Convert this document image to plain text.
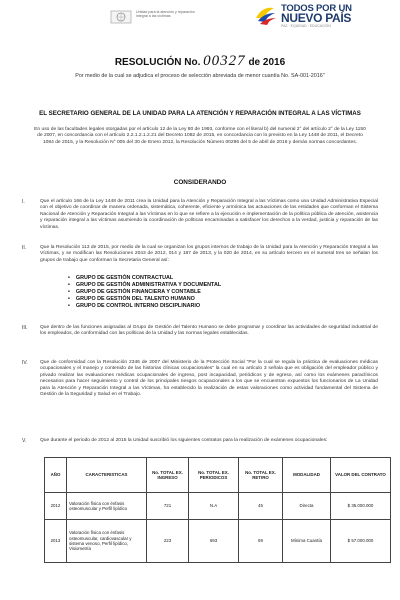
Unidad para la atención y reparación integral a las víctimas
TODOS POR UN
NUEVO PAÍS
PAZ · EQUIDAD · EDUCACIÓN
RESOLUCIÓN No. 00327 de 2016
Por medio de la cual se adjudica el proceso de selección abreviada de menor cuantía No. SA-001-2016"
EL SECRETARIO GENERAL DE LA UNIDAD PARA LA ATENCIÓN Y REPARACIÓN INTEGRAL A LAS VÍCTIMAS
En uso de las facultades legales otorgadas por el artículo 12 de la Ley 80 de 1993, conforme con el literal b) del numeral 2° del artículo 2° de la Ley 1150 de 2007, en concordancia con el artículo 2.2.1.2.1.2.21 del Decreto 1082 de 2015, en concordancia con lo previsto en la Ley 1448 de 2011, el Decreto 1084 de 2015, y la Resolución N° 005 del 30 de Enero 2012, la Resolución Número 00296 del 5 de abril de 2016 y demás normas concordantes.
CONSIDERANDO
I.	Que el artículo 166 de la Ley 1448 de 2011 crea la Unidad para la Atención y Reparación Integral a las Víctimas como una Unidad Administrativa Especial con el objetivo de coordinar de manera ordenada, sistemática, coherente, eficiente y armónica las actuaciones de las entidades que conforman el Sistema Nacional de Atención y Reparación Integral a las Víctimas en lo que se refiere a la ejecución e implementación de la política pública de atención, asistencia y reparación integral a las víctimas asumiendo la coordinación de políticas encaminadas a satisfacer los derechos a la verdad, justicia y reparación de las víctimas.
II.	Que la Resolución 113 de 2015, por medio de la cual se organizan los grupos internos de trabajo de la Unidad para la Atención y Reparación Integral a las Víctimas, y se modifican las Resoluciones 2043 de 2012, 014 y 187 de 2013, y la 020 de 2014, en su artículo tercero en el numeral tres se señalan los grupos de trabajo que conforman la Secretaria General así:
• GRUPO DE GESTIÓN CONTRACTUAL
• GRUPO DE GESTIÓN ADMINISTRATIVA Y DOCUMENTAL
• GRUPO DE GESTIÓN FINANCIERA Y CONTABLE
• GRUPO DE GESTIÓN DEL TALENTO HUMANO
• GRUPO DE CONTROL INTERNO DISCIPLINARIO
III.	Que dentro de las funciones asignadas al Grupo de Gestión del Talento Humano se debe programar y coordinar las actividades de seguridad industrial de los empleados, de conformidad con las políticas de la Unidad y las normas legales establecidas.
IV.	Que de conformidad con la Resolución 2346 de 2007 del Ministerio de la Protección Social "Por la cual se regula la práctica de evaluaciones médicas ocupacionales y el manejo y contenido de las historias clínicas ocupacionales" la cual en su artículo 3 señala que es obligación del empleador público y privado realizar las evaluaciones médicas ocupacionales de ingreso, post incapacidad, periódicos y de egreso, así como los exámenes paraclínicos necesarios para hacer seguimiento y control de los principales riesgos ocupacionales a los que se encuentran expuestos los funcionarios de La Unidad para la Atención y Reparación Integral a las Víctimas, ha establecido la realización de estas valoraciones como actividad fundamental del Sistema de Gestión de la Seguridad y Salud en el Trabajo.
V.	Que durante el periodo de 2012 al 2015 la Unidad suscribió los siguientes contratos para la realización de exámenes ocupacionales:
AÑO	CARACTERISTICAS	No. TOTAL EX. INGRESO	No. TOTAL EX. PERIODICOS	No. TOTAL EX. RETIRO	MODALIDAD	VALOR DEL CONTRATO
2012	Valoración física con énfasis osteomuscular y Perfil lipídico	721	N.A	45	Directa	$ 35.000.000
2013	Valoración física con énfasis osteomuscular, cardiovascular y sistema venoso, Perfil lipídico, Visiometría	223	693	69	Mínima Cuantía	$ 57.000.000
